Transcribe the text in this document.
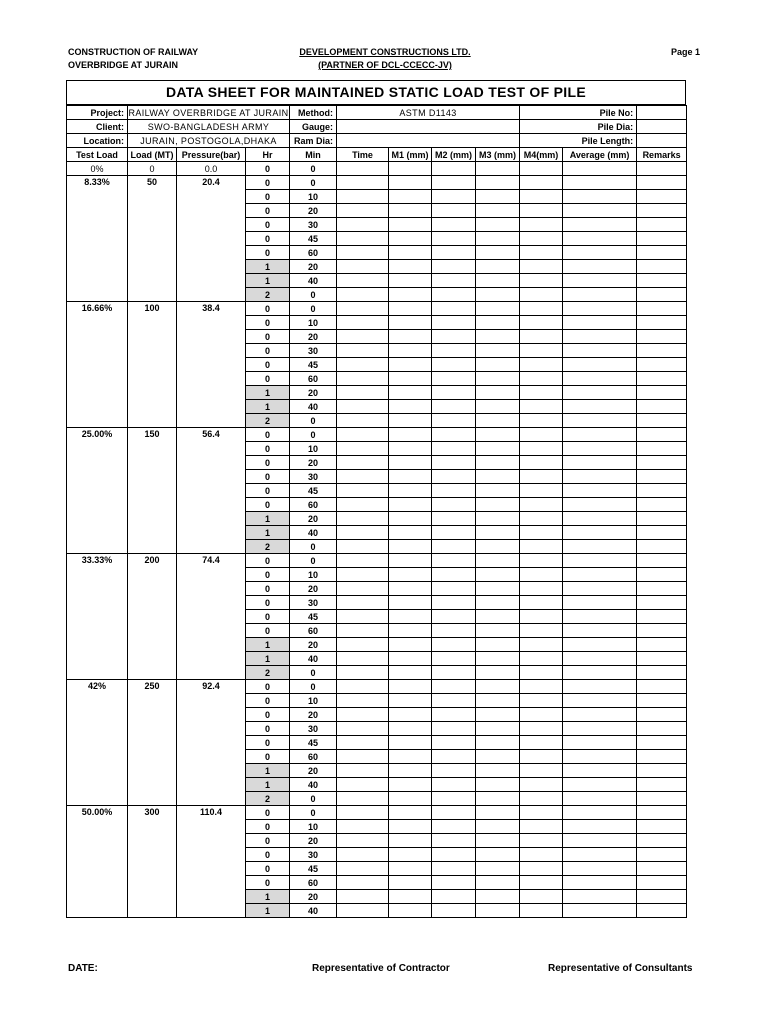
CONSTRUCTION OF RAILWAY
OVERBRIDGE AT JURAIN
DEVELOPMENT CONSTRUCTIONS LTD.
(PARTNER OF DCL-CCECC-JV)
Page 1
DATA SHEET FOR MAINTAINED STATIC LOAD TEST OF PILE
Project:	RAILWAY OVERBRIDGE AT JURAIN			Method:	ASTM D1143				Pile No:		
Client:	SWO-BANGLADESH ARMY			Gauge:					Pile Dia:		
Location:	JURAIN, POSTOGOLA,DHAKA			Ram Dia:					Pile Length:		
Test Load	Load (MT)	Pressure(bar)	Hr	Min	Time	M1 (mm)	M2 (mm)	M3 (mm)	M4(mm)	Average (mm)	Remarks
0%	0	0.0	0	0							
8.33%	50	20.4	0	0							
			0	10							
			0	20							
			0	30							
			0	45							
			0	60							
			1	20							
			1	40							
			2	0							
16.66%	100	38.4	0	0							
			0	10							
			0	20							
			0	30							
			0	45							
			0	60							
			1	20							
			1	40							
			2	0							
25.00%	150	56.4	0	0							
			0	10							
			0	20							
			0	30							
			0	45							
			0	60							
			1	20							
			1	40							
			2	0							
33.33%	200	74.4	0	0							
			0	10							
			0	20							
			0	30							
			0	45							
			0	60							
			1	20							
			1	40							
			2	0							
42%	250	92.4	0	0							
			0	10							
			0	20							
			0	30							
			0	45							
			0	60							
			1	20							
			1	40							
			2	0							
50.00%	300	110.4	0	0							
			0	10							
			0	20							
			0	30							
			0	45							
			0	60							
			1	20							
			1	40							
DATE:	Representative of Contractor	Representative of Consultants
